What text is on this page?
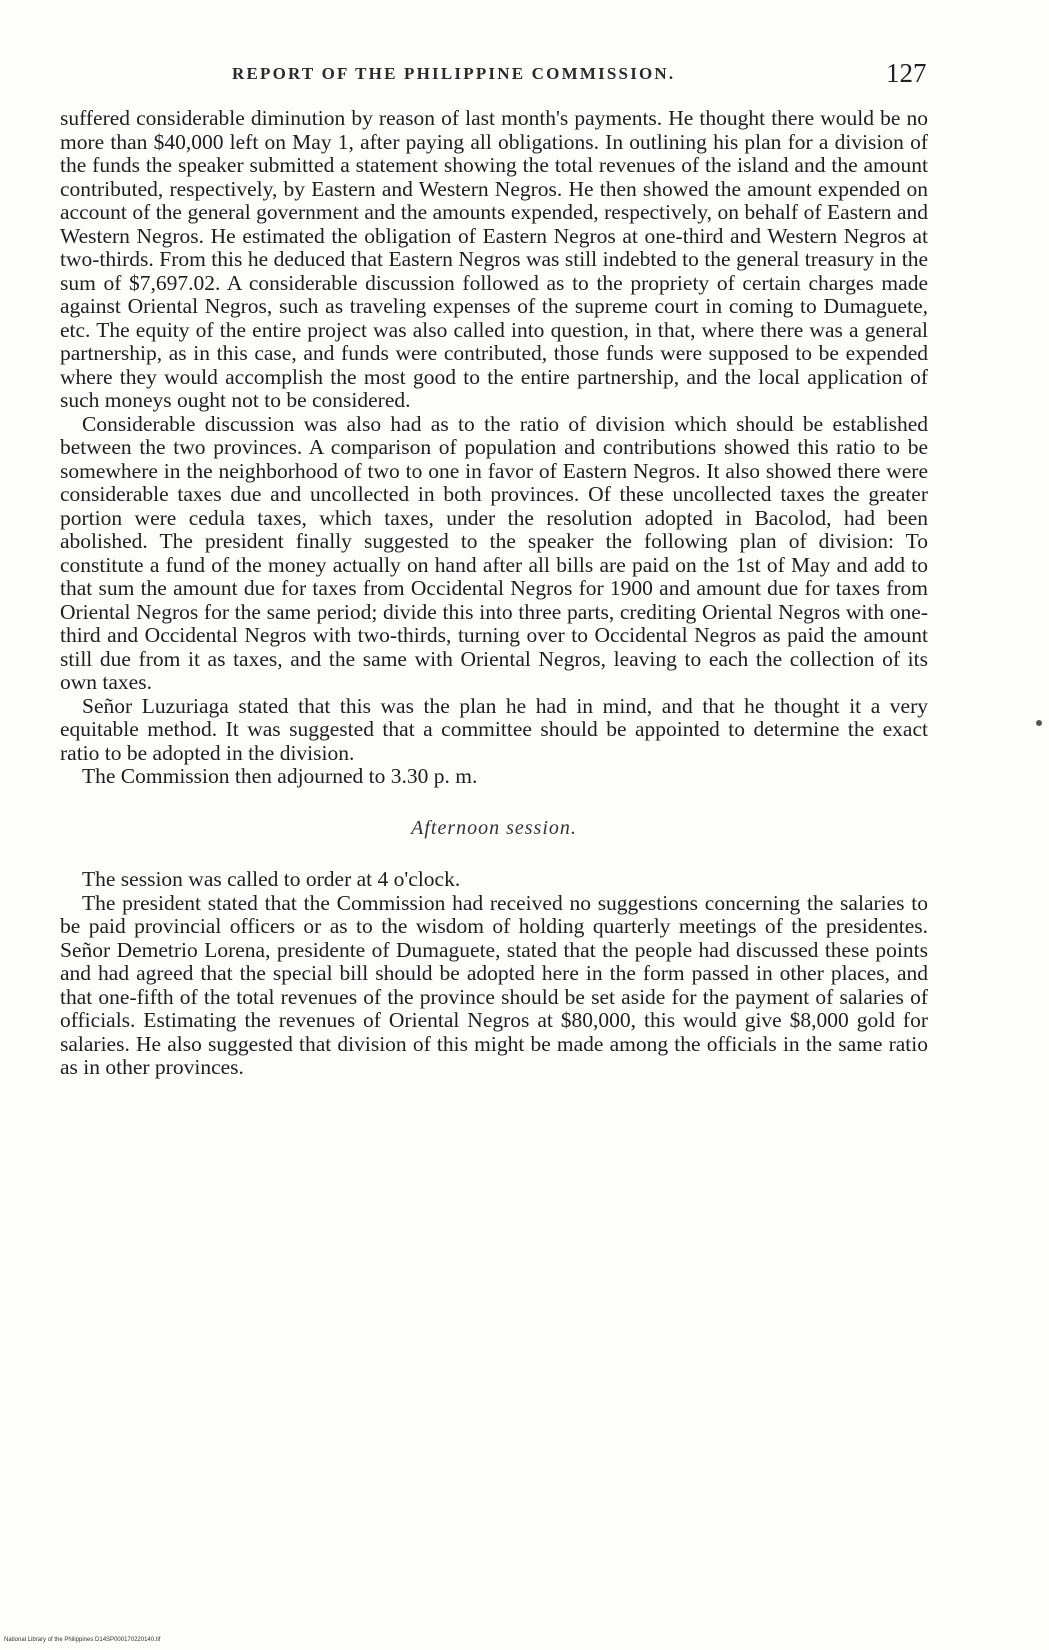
REPORT OF THE PHILIPPINE COMMISSION.	127

suffered considerable diminution by reason of last month's payments. He thought there would be no more than $40,000 left on May 1, after paying all obligations. In outlining his plan for a division of the funds the speaker submitted a statement showing the total revenues of the island and the amount contributed, respectively, by Eastern and Western Negros. He then showed the amount expended on account of the general government and the amounts expended, respectively, on behalf of Eastern and Western Negros. He estimated the obligation of Eastern Negros at one-third and Western Negros at two-thirds. From this he deduced that Eastern Negros was still indebted to the general treasury in the sum of $7,697.02. A considerable discussion followed as to the propriety of certain charges made against Oriental Negros, such as traveling expenses of the supreme court in coming to Dumaguete, etc. The equity of the entire project was also called into question, in that, where there was a general partnership, as in this case, and funds were contributed, those funds were supposed to be expended where they would accomplish the most good to the entire partnership, and the local application of such moneys ought not to be considered.

Considerable discussion was also had as to the ratio of division which should be established between the two provinces. A comparison of population and contributions showed this ratio to be somewhere in the neighborhood of two to one in favor of Eastern Negros. It also showed there were considerable taxes due and uncollected in both provinces. Of these uncollected taxes the greater portion were cedula taxes, which taxes, under the resolution adopted in Bacolod, had been abolished. The president finally suggested to the speaker the following plan of division: To constitute a fund of the money actually on hand after all bills are paid on the 1st of May and add to that sum the amount due for taxes from Occidental Negros for 1900 and amount due for taxes from Oriental Negros for the same period; divide this into three parts, crediting Oriental Negros with one-third and Occidental Negros with two-thirds, turning over to Occidental Negros as paid the amount still due from it as taxes, and the same with Oriental Negros, leaving to each the collection of its own taxes.

Señor Luzuriaga stated that this was the plan he had in mind, and that he thought it a very equitable method. It was suggested that a committee should be appointed to determine the exact ratio to be adopted in the division.

The Commission then adjourned to 3.30 p. m.

Afternoon session.

The session was called to order at 4 o'clock.

The president stated that the Commission had received no suggestions concerning the salaries to be paid provincial officers or as to the wisdom of holding quarterly meetings of the presidentes. Señor Demetrio Lorena, presidente of Dumaguete, stated that the people had discussed these points and had agreed that the special bill should be adopted here in the form passed in other places, and that one-fifth of the total revenues of the province should be set aside for the payment of salaries of officials. Estimating the revenues of Oriental Negros at $80,000, this would give $8,000 gold for salaries. He also suggested that division of this might be made among the officials in the same ratio as in other provinces.

National Library of the Philippines D14SP000170220140.tif
